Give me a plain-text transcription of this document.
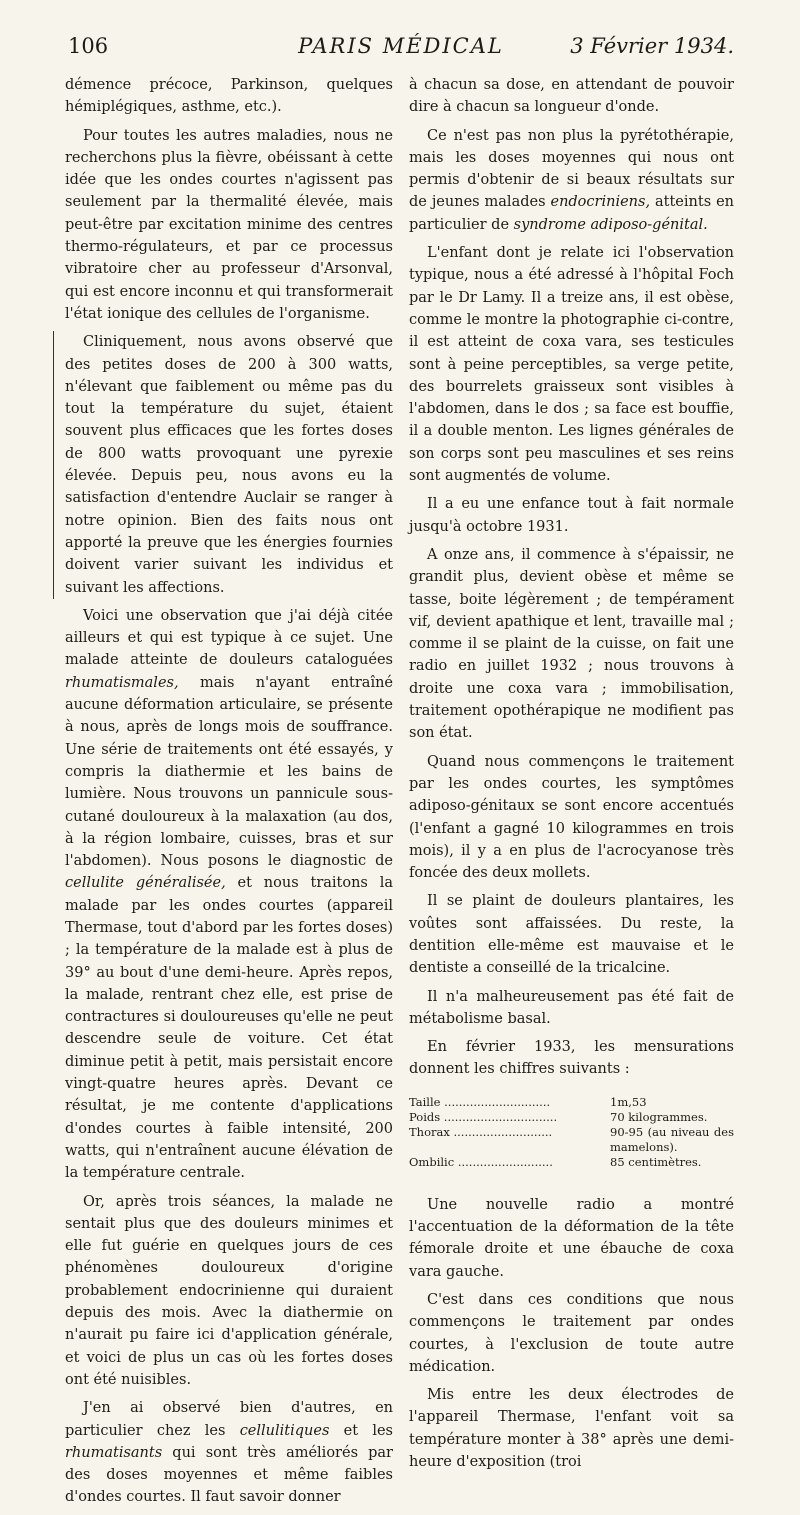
106	PARIS MÉDICAL	3 Février 1934.

démence précoce, Parkinson, quelques hémiplégiques, asthme, etc.).

Pour toutes les autres maladies, nous ne recherchons plus la fièvre, obéissant à cette idée que les ondes courtes n'agissent pas seulement par la thermalité élevée, mais peut-être par excitation minime des centres thermo-régulateurs, et par ce processus vibratoire cher au professeur d'Arsonval, qui est encore inconnu et qui transformerait l'état ionique des cellules de l'organisme.

Cliniquement, nous avons observé que des petites doses de 200 à 300 watts, n'élevant que faiblement ou même pas du tout la température du sujet, étaient souvent plus efficaces que les fortes doses de 800 watts provoquant une pyrexie élevée. Depuis peu, nous avons eu la satisfaction d'entendre Auclair se ranger à notre opinion. Bien des faits nous ont apporté la preuve que les énergies fournies doivent varier suivant les individus et suivant les affections.

Voici une observation que j'ai déjà citée ailleurs et qui est typique à ce sujet. Une malade atteinte de douleurs cataloguées rhumatismales, mais n'ayant entraîné aucune déformation articulaire, se présente à nous, après de longs mois de souffrance. Une série de traitements ont été essayés, y compris la diathermie et les bains de lumière. Nous trouvons un pannicule sous-cutané douloureux à la malaxation (au dos, à la région lombaire, cuisses, bras et sur l'abdomen). Nous posons le diagnostic de cellulite généralisée, et nous traitons la malade par les ondes courtes (appareil Thermase, tout d'abord par les fortes doses) ; la température de la malade est à plus de 39° au bout d'une demi-heure. Après repos, la malade, rentrant chez elle, est prise de contractures si douloureuses qu'elle ne peut descendre seule de voiture. Cet état diminue petit à petit, mais persistait encore vingt-quatre heures après. Devant ce résultat, je me contente d'applications d'ondes courtes à faible intensité, 200 watts, qui n'entraînent aucune élévation de la température centrale.

Or, après trois séances, la malade ne sentait plus que des douleurs minimes et elle fut guérie en quelques jours de ces phénomènes douloureux d'origine probablement endocrinienne qui duraient depuis des mois. Avec la diathermie on n'aurait pu faire ici d'application générale, et voici de plus un cas où les fortes doses ont été nuisibles.

J'en ai observé bien d'autres, en particulier chez les cellulitiques et les rhumatisants qui sont très améliorés par des doses moyennes et même faibles d'ondes courtes. Il faut savoir donner

à chacun sa dose, en attendant de pouvoir dire à chacun sa longueur d'onde.

Ce n'est pas non plus la pyrétothérapie, mais les doses moyennes qui nous ont permis d'obtenir de si beaux résultats sur de jeunes malades endocriniens, atteints en particulier de syndrome adiposo-génital.

L'enfant dont je relate ici l'observation typique, nous a été adressé à l'hôpital Foch par le Dr Lamy. Il a treize ans, il est obèse, comme le montre la photographie ci-contre, il est atteint de coxa vara, ses testicules sont à peine perceptibles, sa verge petite, des bourrelets graisseux sont visibles à l'abdomen, dans le dos ; sa face est bouffie, il a double menton. Les lignes générales de son corps sont peu masculines et ses reins sont augmentés de volume.

Il a eu une enfance tout à fait normale jusqu'à octobre 1931.

A onze ans, il commence à s'épaissir, ne grandit plus, devient obèse et même se tasse, boite légèrement ; de tempérament vif, devient apathique et lent, travaille mal ; comme il se plaint de la cuisse, on fait une radio en juillet 1932 ; nous trouvons à droite une coxa vara ; immobilisation, traitement opothérapique ne modifient pas son état.

Quand nous commençons le traitement par les ondes courtes, les symptômes adiposo-génitaux se sont encore accentués (l'enfant a gagné 10 kilogrammes en trois mois), il y a en plus de l'acrocyanose très foncée des deux mollets.

Il se plaint de douleurs plantaires, les voûtes sont affaissées. Du reste, la dentition elle-même est mauvaise et le dentiste a conseillé de la tricalcine.

Il n'a malheureusement pas été fait de métabolisme basal.

En février 1933, les mensurations donnent les chiffres suivants :

Taille .............................	1m,53
Poids ...............................	70 kilogrammes.
Thorax ...........................	90-95 (au niveau des mamelons).
Ombilic ..........................	85 centimètres.

Une nouvelle radio a montré l'accentuation de la déformation de la tête fémorale droite et une ébauche de coxa vara gauche.

C'est dans ces conditions que nous commençons le traitement par ondes courtes, à l'exclusion de toute autre médication.

Mis entre les deux électrodes de l'appareil Thermase, l'enfant voit sa température monter à 38° après une demi-heure d'exposition (troi
